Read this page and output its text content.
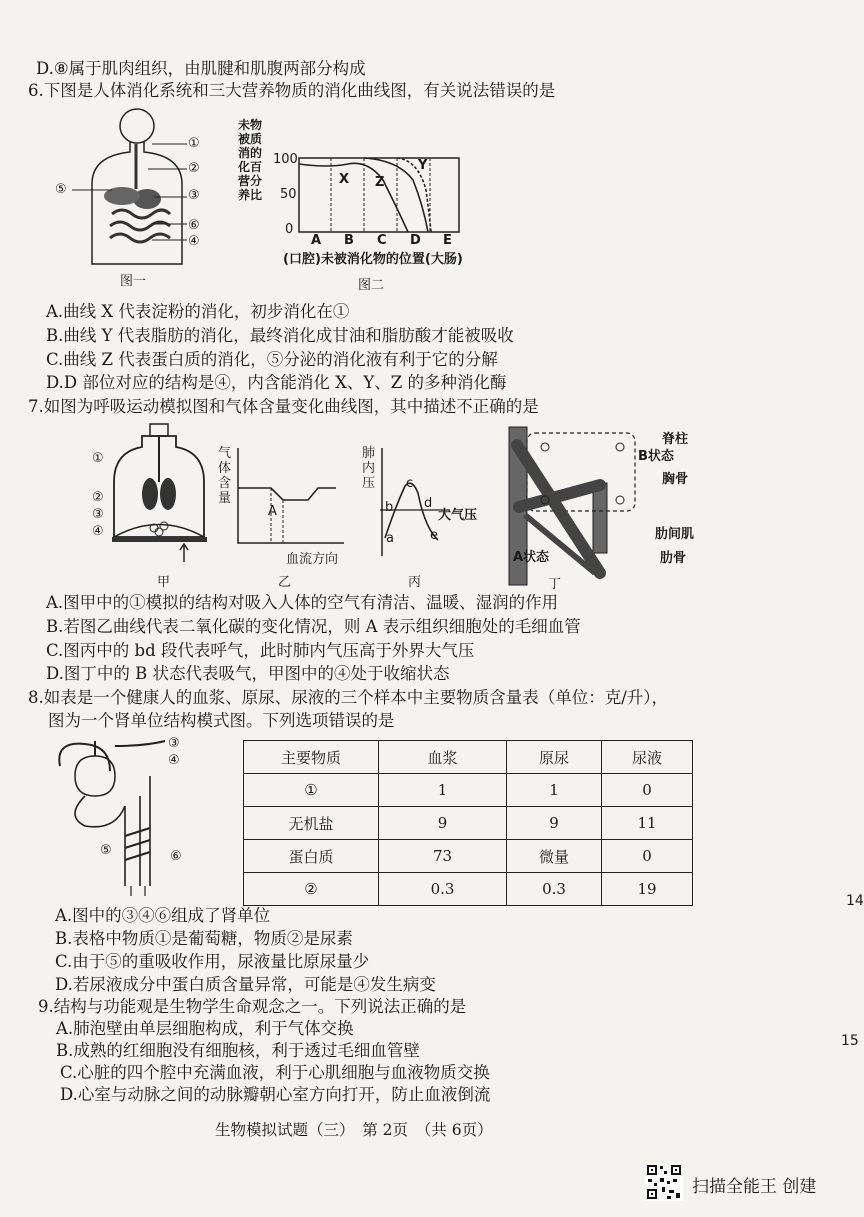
D.⑧属于肌肉组织，由肌腱和肌腹两部分构成
6.下图是人体消化系统和三大营养物质的消化曲线图，有关说法错误的是
①
②
⑤	③
⑥
④
图一
未物被质消的化百营分养比
100
50
0
X Z
Y
A B C D E
(口腔)未被消化物的位置(大肠)
图二
A.曲线 X 代表淀粉的消化，初步消化在①
B.曲线 Y 代表脂肪的消化，最终消化成甘油和脂肪酸才能被吸收
C.曲线 Z 代表蛋白质的消化，⑤分泌的消化液有利于它的分解
D.D 部位对应的结构是④，内含能消化 X、Y、Z 的多种消化酶
7.如图为呼吸运动模拟图和气体含量变化曲线图，其中描述不正确的是
①
②
③
④
甲
气体含量
A
血流方向
乙
肺内压
a
b
c
d
e
大气压
丙
脊柱
B状态
胸骨
肋间肌
肋骨
A状态
丁
A.图甲中的①模拟的结构对吸入人体的空气有清洁、温暖、湿润的作用
B.若图乙曲线代表二氧化碳的变化情况，则 A 表示组织细胞处的毛细血管
C.图丙中的 bd 段代表呼气，此时肺内气压高于外界大气压
D.图丁中的 B 状态代表吸气，甲图中的④处于收缩状态
8.如表是一个健康人的血浆、原尿、尿液的三个样本中主要物质含量表（单位：克/升），
图为一个肾单位结构模式图。下列选项错误的是
③
④
⑤	⑥
主要物质	血浆	原尿	尿液
①	1	1	0
无机盐	9	9	11
蛋白质	73	微量	0
②	0.3	0.3	19
A.图中的③④⑥组成了肾单位
B.表格中物质①是葡萄糖，物质②是尿素
C.由于⑤的重吸收作用，尿液量比原尿量少
D.若尿液成分中蛋白质含量异常，可能是④发生病变
9.结构与功能观是生物学生命观念之一。下列说法正确的是
A.肺泡壁由单层细胞构成，利于气体交换
B.成熟的红细胞没有细胞核，利于透过毛细血管壁
C.心脏的四个腔中充满血液，利于心肌细胞与血液物质交换
D.心室与动脉之间的动脉瓣朝心室方向打开，防止血液倒流
生物模拟试题（三）　第 2页　（共 6页）
14
15
扫描全能王 创建
